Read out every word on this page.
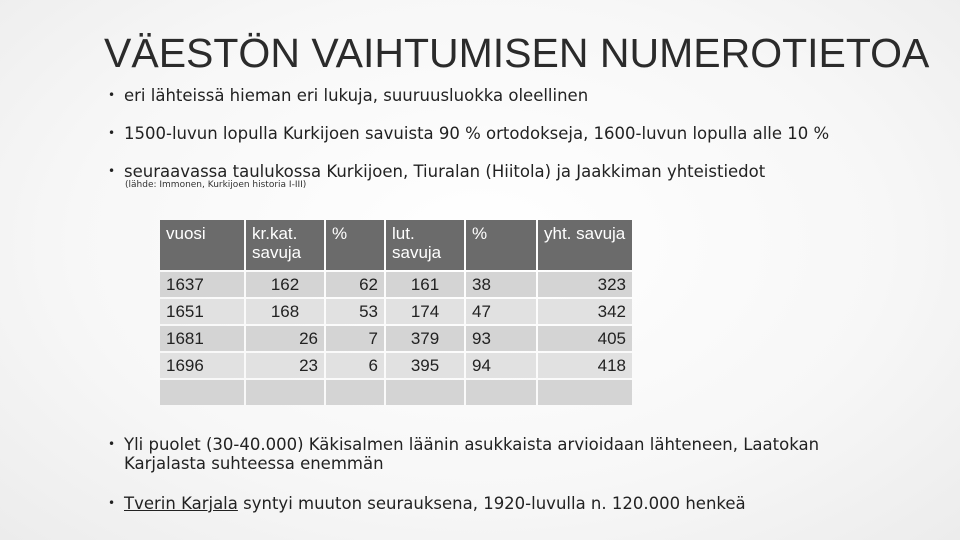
VÄESTÖN VAIHTUMISEN NUMEROTIETOA
• eri lähteissä hieman eri lukuja, suuruusluokka oleellinen
• 1500-luvun lopulla Kurkijoen savuista 90 % ortodokseja, 1600-luvun lopulla alle 10 %
• seuraavassa taulukossa Kurkijoen, Tiuralan (Hiitola) ja Jaakkiman yhteistiedot
(lähde: Immonen, Kurkijoen historia I-III)
vuosi	kr.kat. savuja	%	lut. savuja	%	yht. savuja
1637	162	62	161	38	323
1651	168	53	174	47	342
1681	26	7	379	93	405
1696	23	6	395	94	418

• Yli puolet (30-40.000) Käkisalmen läänin asukkaista arvioidaan lähteneen, Laatokan
Karjalasta suhteessa enemmän
• Tverin Karjala syntyi muuton seurauksena, 1920-luvulla n. 120.000 henkeä
